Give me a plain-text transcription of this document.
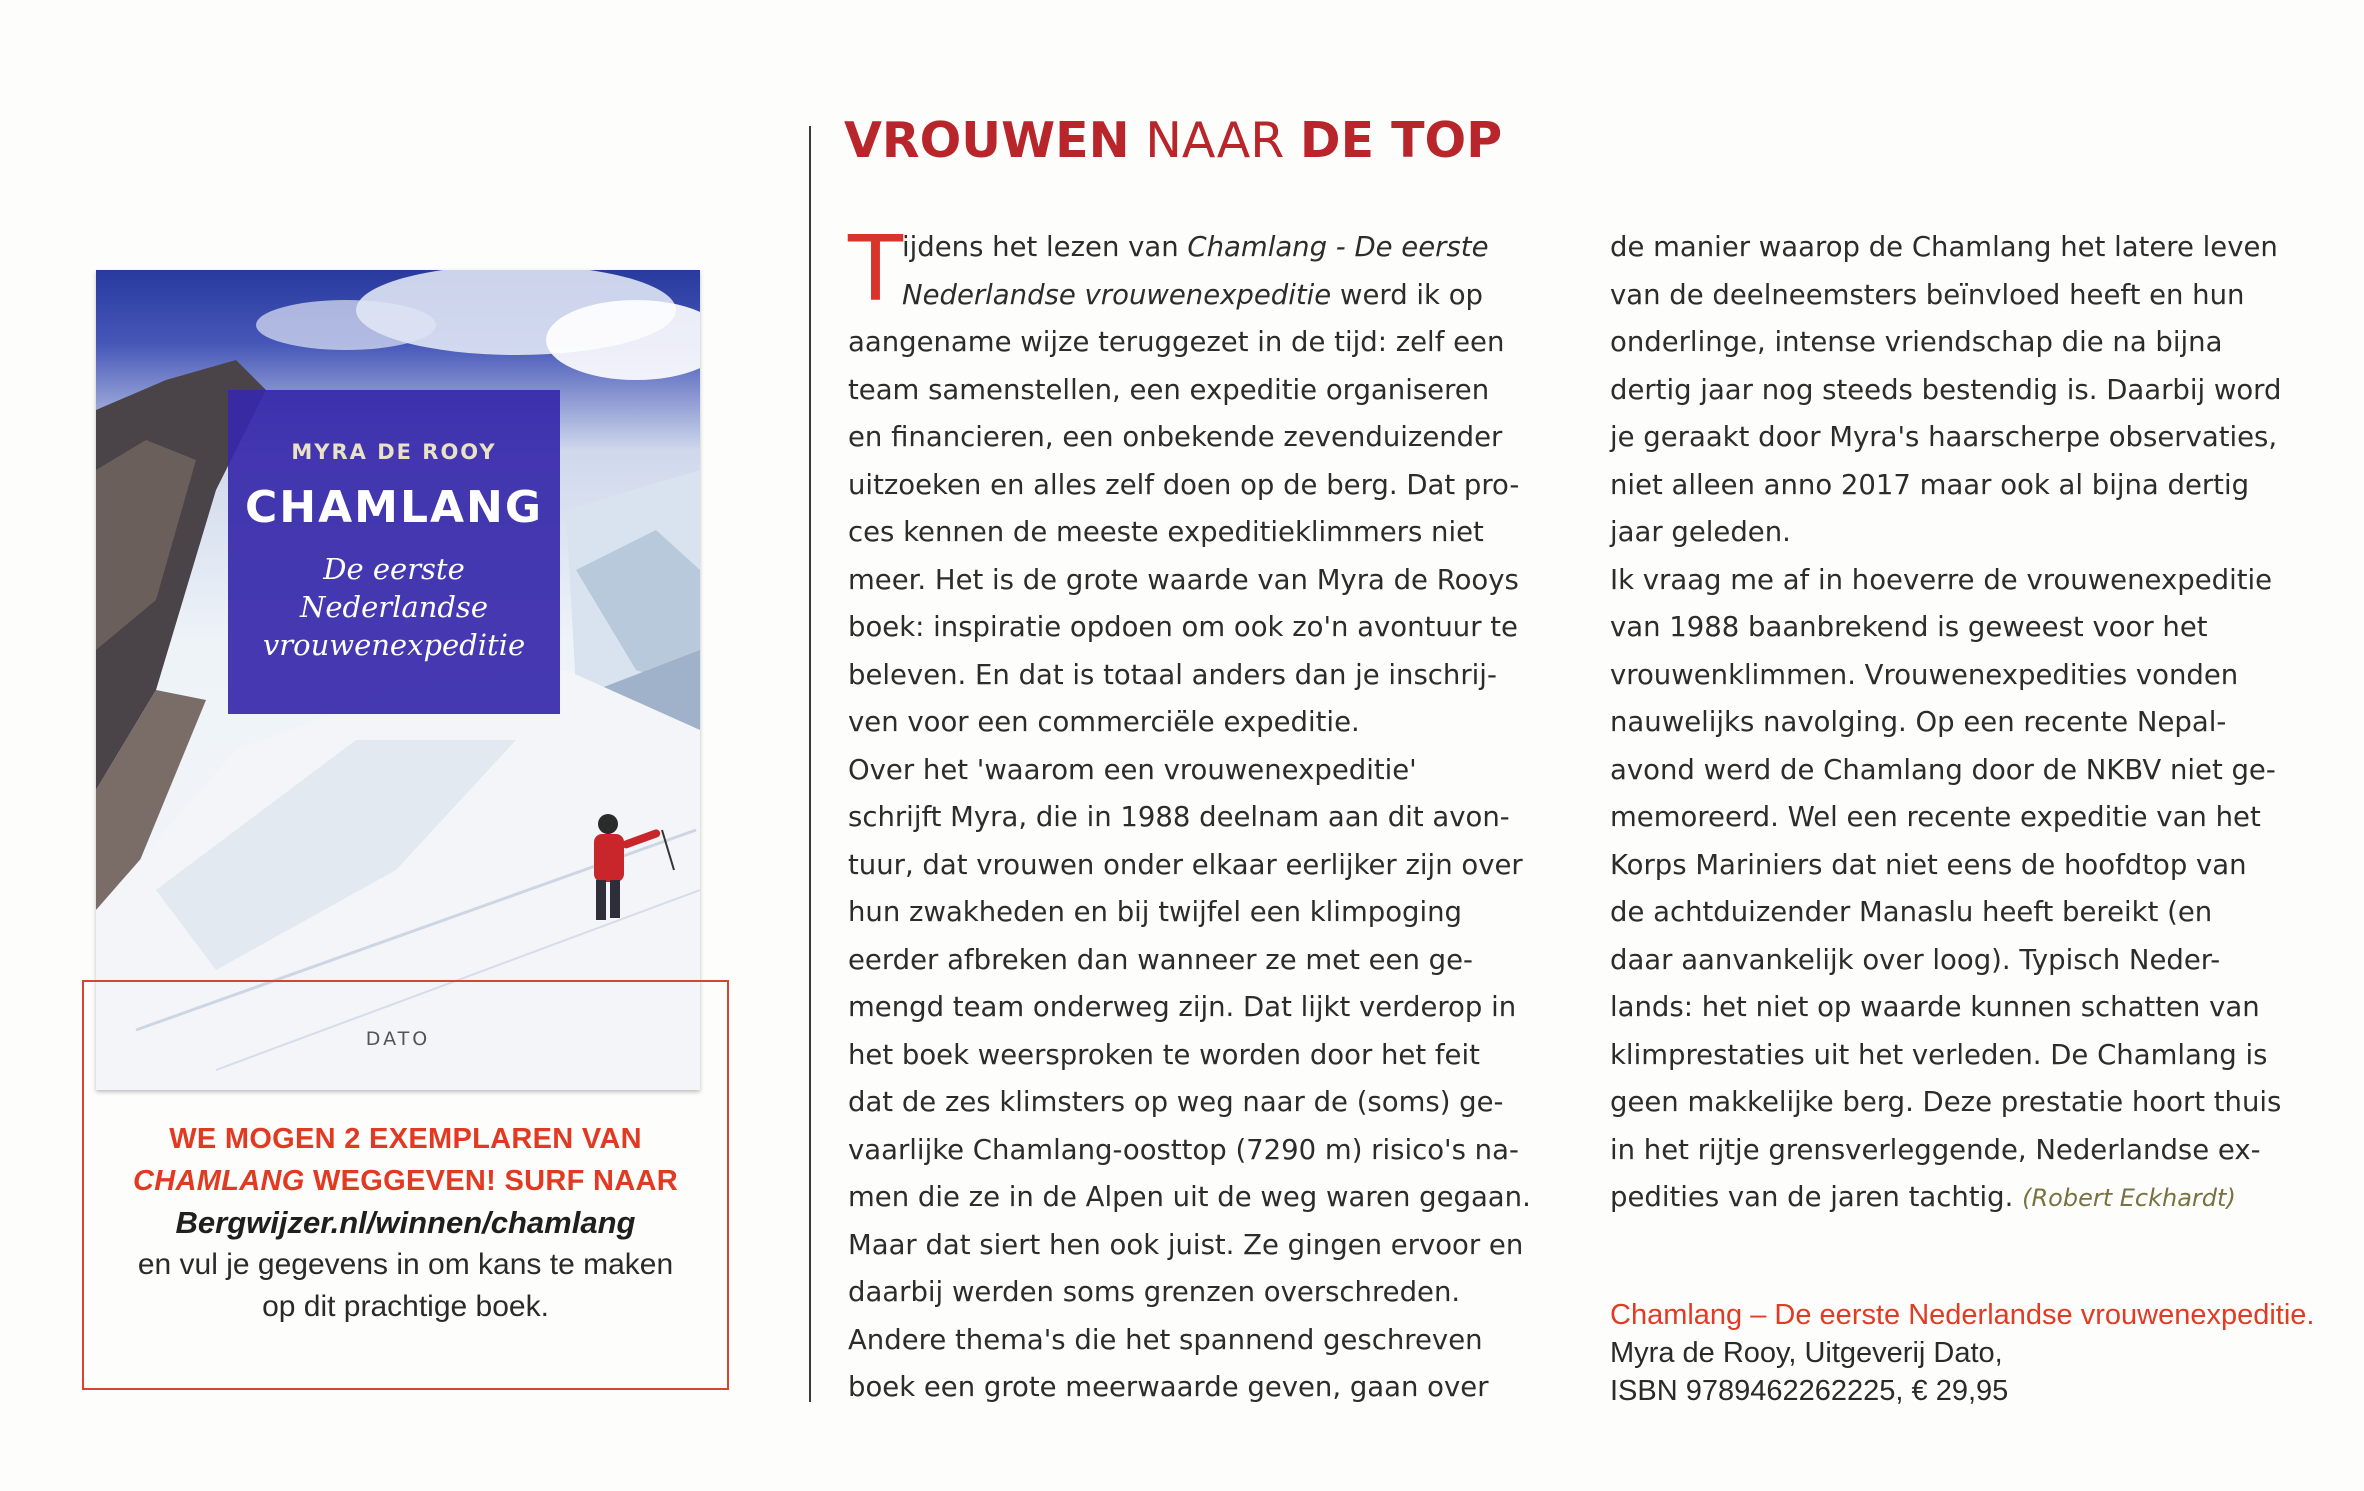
MYRA DE ROOY
CHAMLANG
De eerste Nederlandse
vrouwenexpeditie
DATO
WE MOGEN 2 EXEMPLAREN VAN
CHAMLANG WEGGEVEN! SURF NAAR
Bergwijzer.nl/winnen/chamlang
en vul je gegevens in om kans te maken
op dit prachtige boek.
VROUWEN NAAR DE TOP
T ijdens het lezen van Chamlang - De eerste
Nederlandse vrouwenexpeditie werd ik op
aangename wijze teruggezet in de tijd: zelf een
team samenstellen, een expeditie organiseren
en financieren, een onbekende zevenduizender
uitzoeken en alles zelf doen op de berg. Dat pro-
ces kennen de meeste expeditieklimmers niet
meer. Het is de grote waarde van Myra de Rooys
boek: inspiratie opdoen om ook zo'n avontuur te
beleven. En dat is totaal anders dan je inschrij-
ven voor een commerciële expeditie.
Over het 'waarom een vrouwenexpeditie'
schrijft Myra, die in 1988 deelnam aan dit avon-
tuur, dat vrouwen onder elkaar eerlijker zijn over
hun zwakheden en bij twijfel een klimpoging
eerder afbreken dan wanneer ze met een ge-
mengd team onderweg zijn. Dat lijkt verderop in
het boek weersproken te worden door het feit
dat de zes klimsters op weg naar de (soms) ge-
vaarlijke Chamlang-oosttop (7290 m) risico's na-
men die ze in de Alpen uit de weg waren gegaan.
Maar dat siert hen ook juist. Ze gingen ervoor en
daarbij werden soms grenzen overschreden.
Andere thema's die het spannend geschreven
boek een grote meerwaarde geven, gaan over
de manier waarop de Chamlang het latere leven
van de deelneemsters beïnvloed heeft en hun
onderlinge, intense vriendschap die na bijna
dertig jaar nog steeds bestendig is. Daarbij word
je geraakt door Myra's haarscherpe observaties,
niet alleen anno 2017 maar ook al bijna dertig
jaar geleden.
Ik vraag me af in hoeverre de vrouwenexpeditie
van 1988 baanbrekend is geweest voor het
vrouwenklimmen. Vrouwenexpedities vonden
nauwelijks navolging. Op een recente Nepal-
avond werd de Chamlang door de NKBV niet ge-
memoreerd. Wel een recente expeditie van het
Korps Mariniers dat niet eens de hoofdtop van
de achtduizender Manaslu heeft bereikt (en
daar aanvankelijk over loog). Typisch Neder-
lands: het niet op waarde kunnen schatten van
klimprestaties uit het verleden. De Chamlang is
geen makkelijke berg. Deze prestatie hoort thuis
in het rijtje grensverleggende, Nederlandse ex-
pedities van de jaren tachtig. (Robert Eckhardt)
Chamlang – De eerste Nederlandse vrouwenexpeditie.
Myra de Rooy, Uitgeverij Dato,
ISBN 9789462262225, € 29,95
